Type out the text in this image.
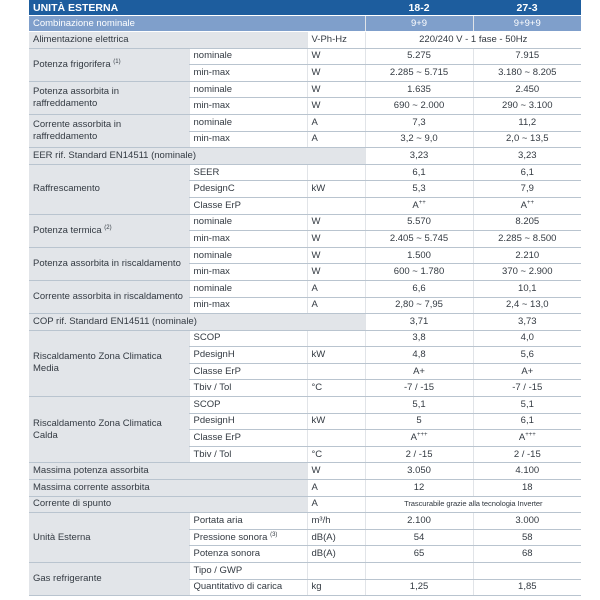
UNITÀ ESTERNA			18-2	27-3
Combinazione nominale			9+9	9+9+9
Alimentazione elettrica		V-Ph-Hz	220/240 V - 1 fase - 50Hz	
Potenza frigorifera $^{(1)}$	nominale	W	5.275	7.915
	min-max	W	2.285 ~ 5.715	3.180 ~ 8.205
Potenza assorbita in raffreddamento	nominale	W	1.635	2.450
	min-max	W	690 ~ 2.000	290 ~ 3.100
Corrente assorbita in raffreddamento	nominale	A	7,3	11,2
	min-max	A	3,2 ~ 9,0	2,0 ~ 13,5
EER rif. Standard EN14511 (nominale)			3,23	3,23
Raffrescamento	SEER		6,1	6,1
	PdesignC	kW	5,3	7,9
	Classe ErP		A++	A++
Potenza termica $^{(2)}$	nominale	W	5.570	8.205
	min-max	W	2.405 ~ 5.745	2.285 ~ 8.500
Potenza assorbita in riscaldamento	nominale	W	1.500	2.210
	min-max	W	600 ~ 1.780	370 ~ 2.900
Corrente assorbita in riscaldamento	nominale	A	6,6	10,1
	min-max	A	2,80 ~ 7,95	2,4 ~ 13,0
COP rif. Standard EN14511 (nominale)			3,71	3,73
Riscaldamento Zona Climatica Media	SCOP		3,8	4,0
	PdesignH	kW	4,8	5,6
	Classe ErP		A+	A+
	Tbiv / Tol	°C	-7 / -15	-7 / -15
Riscaldamento Zona Climatica Calda	SCOP		5,1	5,1
	PdesignH	kW	5	6,1
	Classe ErP		A+++	A+++
	Tbiv / Tol	°C	2 / -15	2 / -15
Massima potenza assorbita		W	3.050	4.100
Massima corrente assorbita		A	12	18
Corrente di spunto		A	Trascurabile grazie alla tecnologia Inverter	
Unità Esterna	Portata aria	m³/h	2.100	3.000
	Pressione sonora $^{(3)}$	dB(A)	54	58
	Potenza sonora	dB(A)	65	68
Gas refrigerante	Tipo / GWP			
	Quantitativo di carica	kg	1,25	1,85
